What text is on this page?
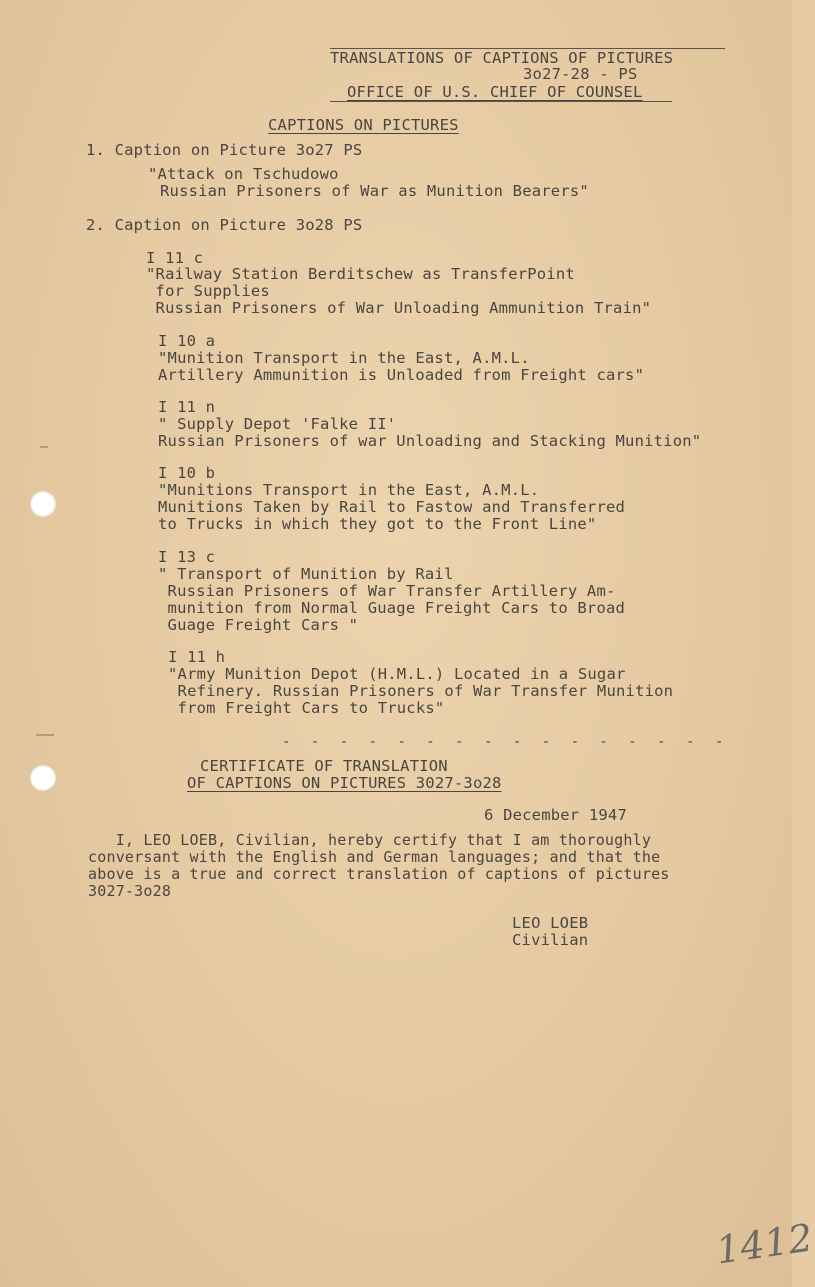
TRANSLATIONS OF CAPTIONS OF PICTURES
3o27-28 - PS
OFFICE OF U.S. CHIEF OF COUNSEL
CAPTIONS ON PICTURES
1. Caption on Picture 3o27 PS
"Attack on Tschudowo
Russian Prisoners of War as Munition Bearers"
2. Caption on Picture 3o28 PS
I 11 c
"Railway Station Berditschew as TransferPoint
for Supplies
Russian Prisoners of War Unloading Ammunition Train"
I 10 a
"Munition Transport in the East, A.M.L.
Artillery Ammunition is Unloaded from Freight cars"
I 11 n
" Supply Depot 'Falke II'
Russian Prisoners of war Unloading and Stacking Munition"
I 10 b
"Munitions Transport in the East, A.M.L.
Munitions Taken by Rail to Fastow and Transferred
to Trucks in which they got to the Front Line"
I 13 c
" Transport of Munition by Rail
Russian Prisoners of War Transfer Artillery Am-
munition from Normal Guage Freight Cars to Broad
Guage Freight Cars "
I 11 h
"Army Munition Depot (H.M.L.) Located in a Sugar
Refinery. Russian Prisoners of War Transfer Munition
from Freight Cars to Trucks"
- - - - - - - - - - - - - - - -
CERTIFICATE OF TRANSLATION
OF CAPTIONS ON PICTURES 3027-3o28
6 December 1947
I, LEO LOEB, Civilian, hereby certify that I am thoroughly
conversant with the English and German languages; and that the
above is a true and correct translation of captions of pictures
3027-3o28
LEO LOEB
Civilian
1412
